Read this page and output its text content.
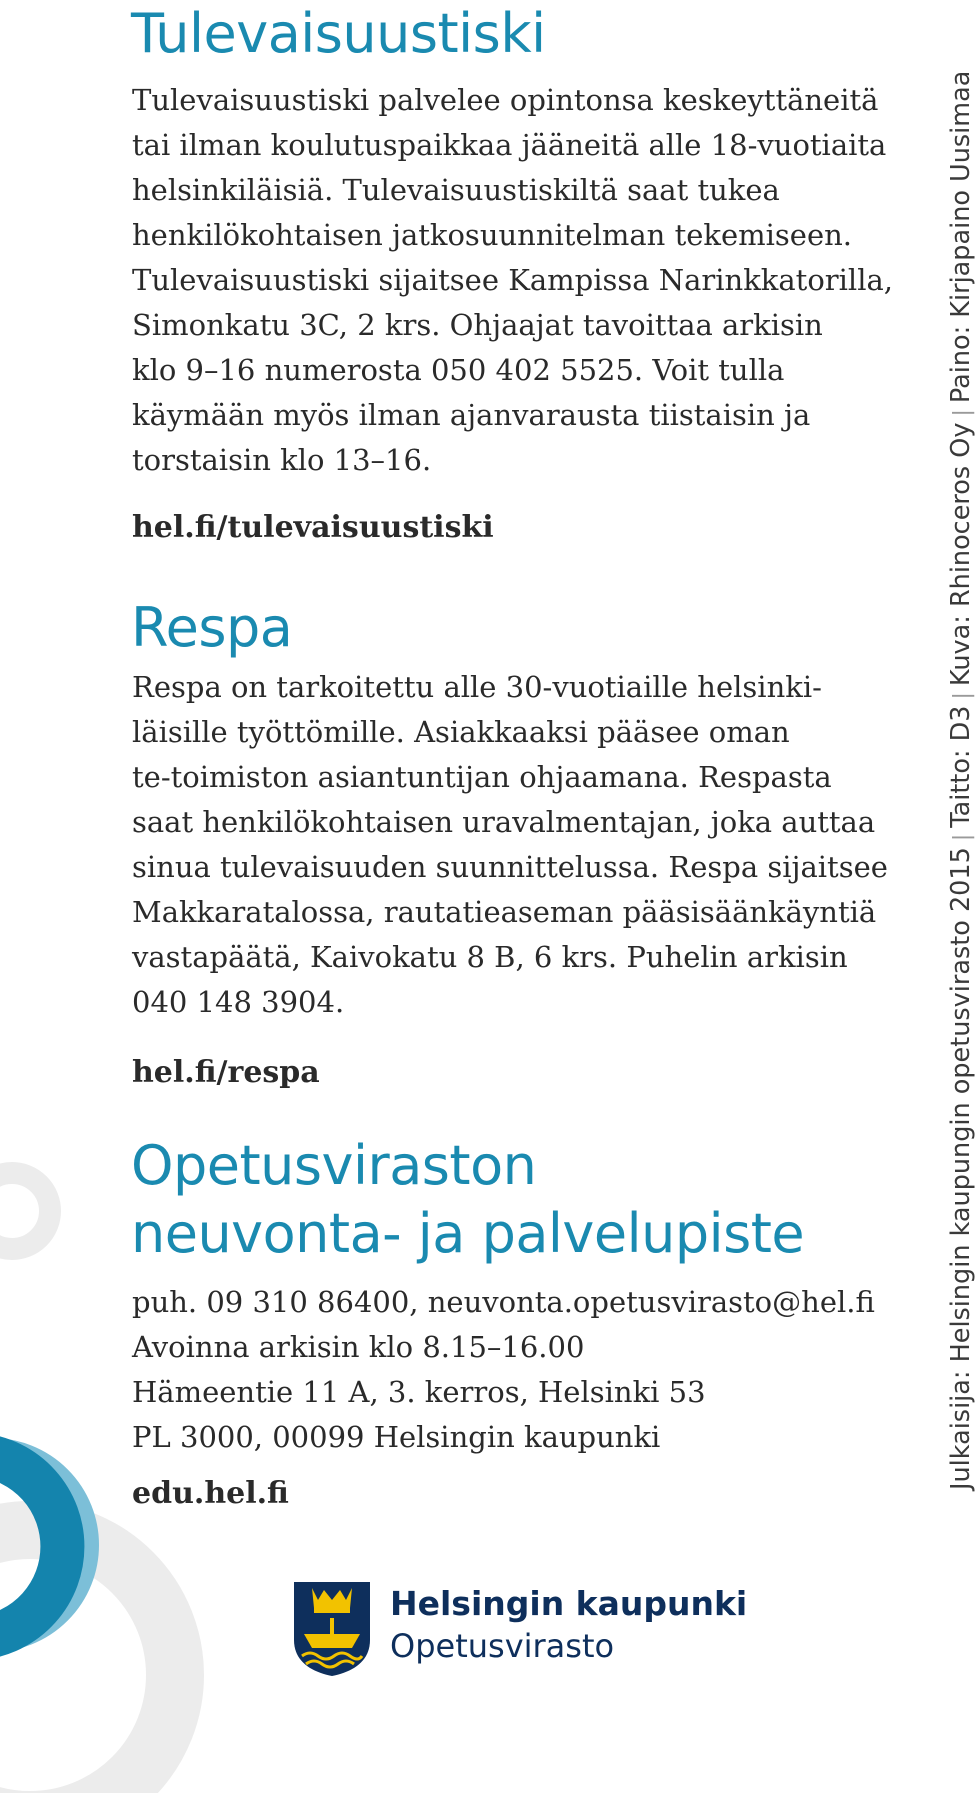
Tulevaisuustiski
Tulevaisuustiski palvelee opintonsa keskeyttäneitä
tai ilman koulutuspaikkaa jääneitä alle 18-vuotiaita
helsinkiläisiä. Tulevaisuustiskiltä saat tukea
henkilökohtaisen jatkosuunnitelman tekemiseen.
Tulevaisuustiski sijaitsee Kampissa Narinkkatorilla,
Simonkatu 3C, 2 krs. Ohjaajat tavoittaa arkisin
klo 9–16 numerosta 050 402 5525. Voit tulla
käymään myös ilman ajanvarausta tiistaisin ja
torstaisin klo 13–16.
hel.fi/tulevaisuustiski
Respa
Respa on tarkoitettu alle 30-vuotiaille helsinki-
läisille työttömille. Asiakkaaksi pääsee oman
te-toimiston asiantuntijan ohjaamana. Respasta
saat henkilökohtaisen uravalmentajan, joka auttaa
sinua tulevaisuuden suunnittelussa. Respa sijaitsee
Makkaratalossa, rautatieaseman pääsisäänkäyntiä
vastapäätä, Kaivokatu 8 B, 6 krs. Puhelin arkisin
040 148 3904.
hel.fi/respa
Opetusviraston
neuvonta- ja palvelupiste
puh. 09 310 86400, neuvonta.opetusvirasto@hel.fi
Avoinna arkisin klo 8.15–16.00
Hämeentie 11 A, 3. kerros, Helsinki 53
PL 3000, 00099 Helsingin kaupunki
edu.hel.fi
Julkaisija: Helsingin kaupungin opetusvirasto 2015|Taitto: D3|Kuva: Rhinoceros Oy|Paino: Kirjapaino Uusimaa
Helsingin kaupunki
Opetusvirasto
